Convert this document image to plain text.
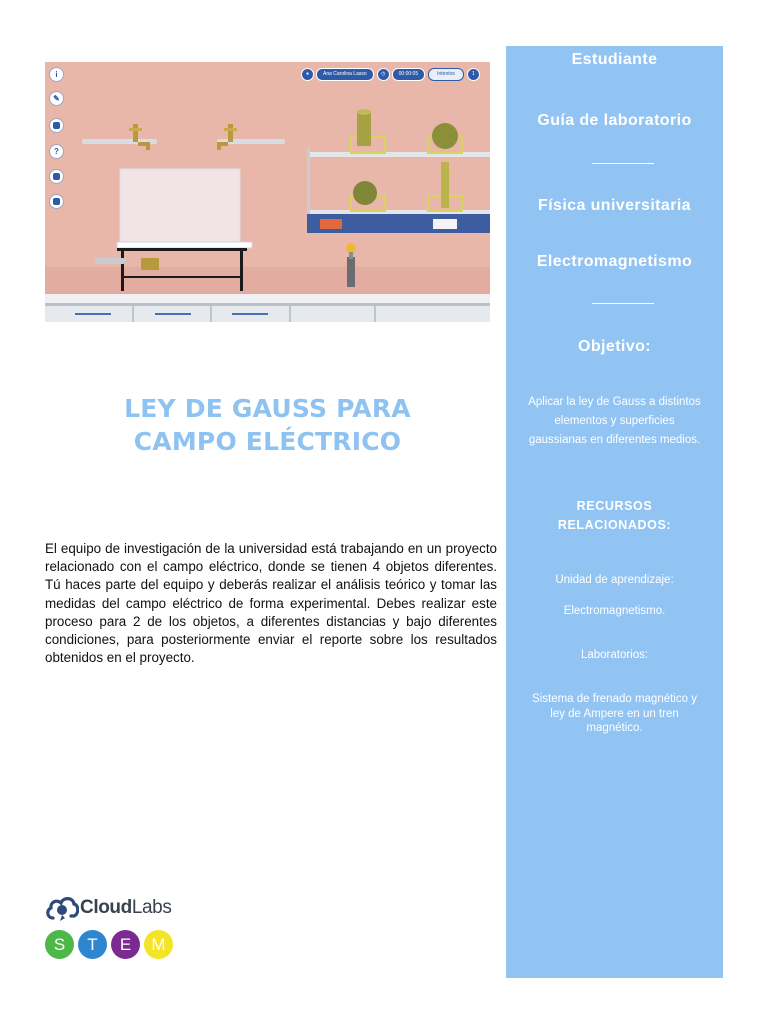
i
✎
?
●	Ana Carolina Lasso	◷	00:00:05	Intentos	1
LEY DE GAUSS PARA
CAMPO ELÉCTRICO
El equipo de investigación de la universidad está trabajando en un proyecto relacionado con el campo eléctrico, donde se tienen 4 objetos diferentes. Tú haces parte del equipo y deberás realizar el análisis teórico y tomar las medidas del campo eléctrico de forma experimental. Debes realizar este proceso para 2 de los objetos, a diferentes distancias y bajo diferentes condiciones, para posteriormente enviar el reporte sobre los resultados obtenidos en el proyecto.
CloudLabs
S	T	E	M
Estudiante
Guía de laboratorio
Física universitaria
Electromagnetismo
Objetivo:
Aplicar la ley de Gauss a distintos elementos y superficies gaussianas en diferentes medios.
RECURSOS
RELACIONADOS:
Unidad de aprendizaje:
Electromagnetismo.
Laboratorios:
Sistema de frenado magnético y ley de Ampere en un tren magnético.
